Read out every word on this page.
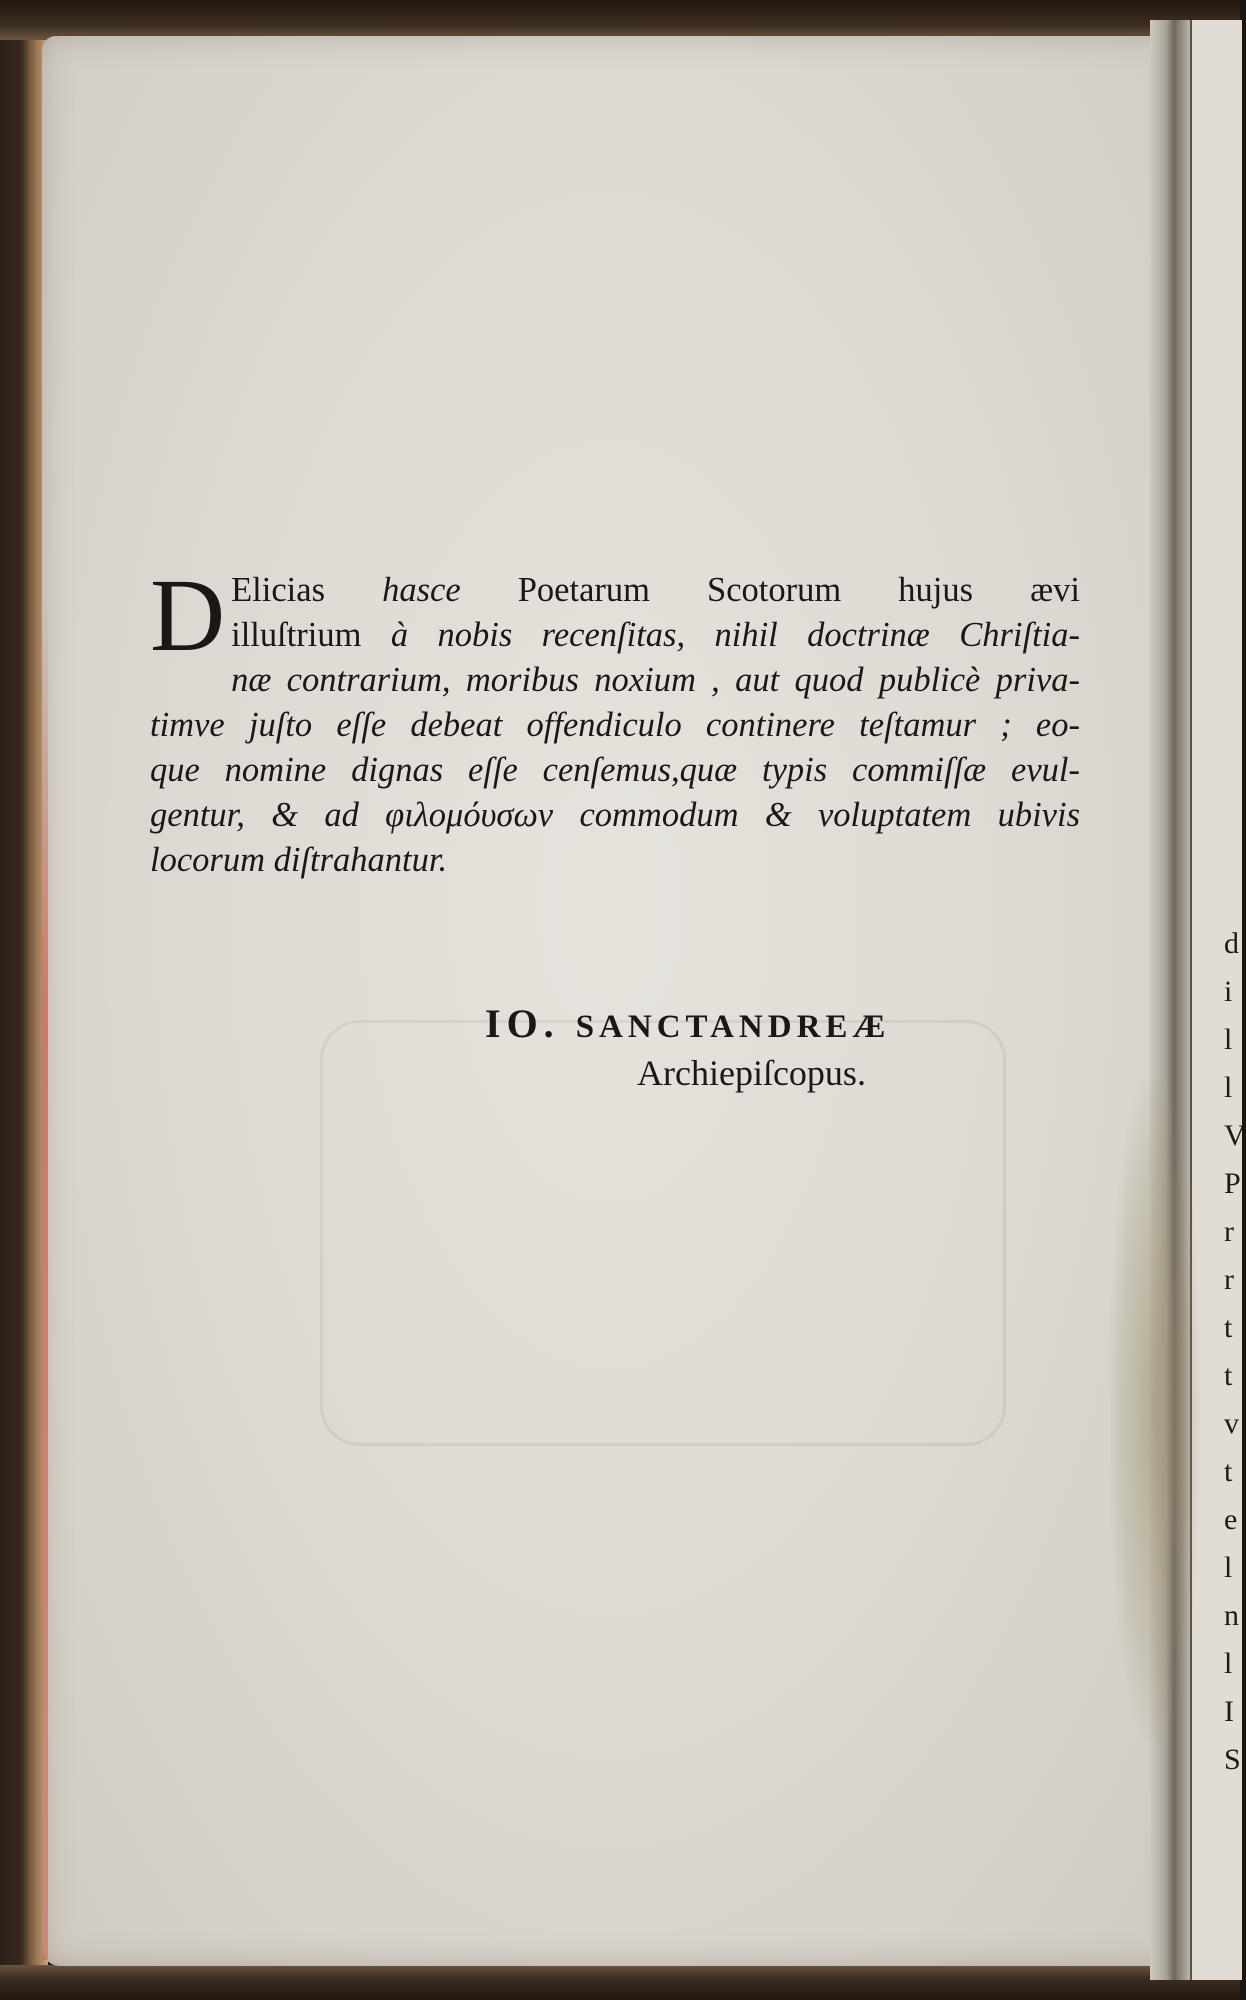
d
i
l
l
V
P
r
r
t
t
v
t
e
l
n
l
I
S
D Elicias hasce Poetarum Scotorum hujus ævi
illuſtrium à nobis recenſitas, nihil doctrinæ Chriſtia-
næ contrarium, moribus noxium , aut quod publicè priva-
timve juſto eſſe debeat offendiculo continere teſtamur ; eo-
que nomine dignas eſſe cenſemus,quæ typis commiſſæ evul-
gentur, & ad φιλομόυσων commodum & voluptatem ubivis
locorum diſtrahantur.
IO. SANCTANDREÆ
Archiepiſcopus.
